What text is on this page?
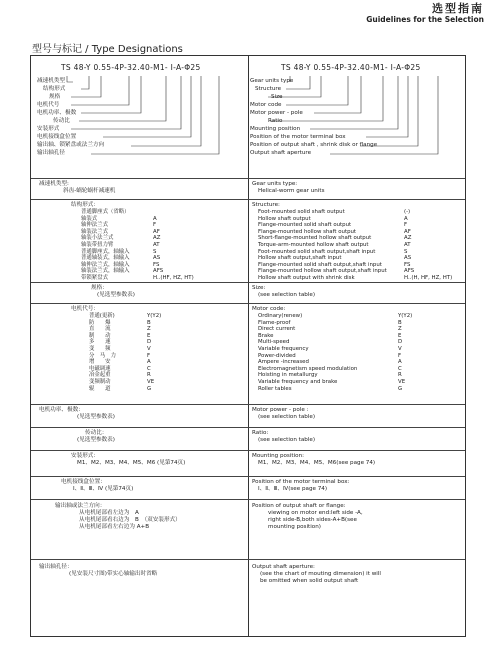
选型指南
Guidelines for the Selection
型号与标记 / Type Designations
TS 48-Y 0.55-4P-32.40-M1- Ⅰ-A-Φ25	TS 48-Y 0.55-4P-32.40-M1- Ⅰ-A-Φ25
减速机类型
结构形式
规格
电机代号
电机功率、极数
传动比
安装形式
电机接线盒位置
输出轴、锁紧盘或法兰方向
输出轴孔径
Gear units type
Structure
Size
Motor code
Motor power - pole
Ratio
Mounting position
Position of the motor terminal box
Position of output shaft , shrink disk or flange
Output shaft aperture
减速机类型:
斜齿-蜗轮蜗杆减速机
Gear units type:
Helical-worm gear units
结构形式：
普通脚座式（省略）
轴装式	A
轴伸法兰式	F
轴装法兰式	AF
轴装小法兰式	AZ
轴装带扭力臂	AT
普通脚座式，轴输入	S
普通轴装式，轴输入	AS
轴伸法兰式，轴输入	FS
轴装法兰式，轴输入	AFS
带锁紧盘式	H..(HF, HZ, HT)
Structure:
Foot-mounted solid shaft output	(-)
Hollow shaft output	A
Flange-mounted solid shaft output	F
Flange-mounted hollow shaft output	AF
Short-flange-mounted hollow shaft output	AZ
Torque-arm-mounted hollow shaft output	AT
Foot-mounted solid shaft output,shaft input	S
Hollow shaft output,shaft input	AS
Flange-mounted solid shaft output,shaft input	FS
Flange-mounted hollow shaft output,shaft input	AFS
Hollow shaft output with shrink disk	H..(H, HF, HZ, HT)
规格：
(见选型参数表)
Size:
(see selection table)
电机代号：
普通(更新)	Y(Y2)
防　　爆	B
直　　流	Z
制　　动	E
多　　速	D
变　　频	V
分　马　力	F
增　　安	A
电磁调速	C
冶金起重	R
变频制动	VE
辊　　道	G
Motor code:
Ordinary(renew)	Y(Y2)
Flame-proof	B
Direct current	Z
Brake	E
Multi-speed	D
Variable frequency	V
Power-divided	F
Ampere -increased	A
Electromagnetism speed modulation	C
Hoisting in metallurgy	R
Variable frequency and brake	VE
Roller tables	G
电机功率、极数：
(见选型参数表)
Motor power - pole :
(see selection table)
传动比：
(见选型参数表)
Ratio:
(see selection table)
安装形式：
M1、M2、M3、M4、M5、M6 (见第74页)
Mounting position:
M1、M2、M3、M4、M5、M6(see page 74)
电机接线盒位置：
Ⅰ、Ⅱ、Ⅲ、Ⅳ (见第74页)
Position of the motor terminal box:
Ⅰ、Ⅱ、Ⅲ、Ⅳ(see page 74)
输出轴或法兰方向：
从电机尾部看左边为　A
从电机尾部看右边为　B　（双安装形式）
从电机尾部看左右边为 A+B
Position of output shaft or flange:
viewing on motor end:left side -A,
right side-B,both sides-A+B(see
mounting position)
输出轴孔径：
(见安装尺寸图)带实心轴输出时省略
Output shaft aperture:
(see the chart of mouting dimension) it will
be omitted when solid output shaft
